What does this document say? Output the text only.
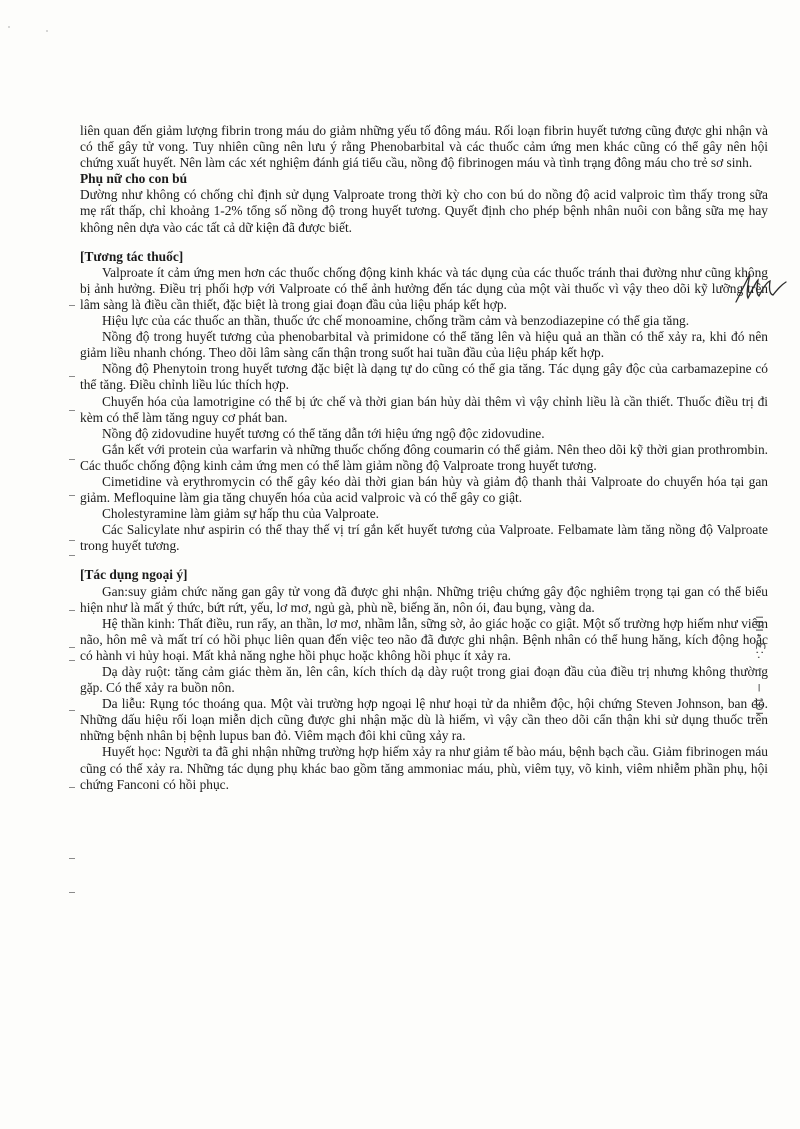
liên quan đến giảm lượng fibrin trong máu do giảm những yếu tố đông máu. Rối loạn fibrin huyết tương cũng được ghi nhận và có thể gây tử vong. Tuy nhiên cũng nên lưu ý rằng Phenobarbital và các thuốc cảm ứng men khác cũng có thể gây nên hội chứng xuất huyết. Nên làm các xét nghiệm đánh giá tiểu cầu, nồng độ fibrinogen máu và tình trạng đông máu cho trẻ sơ sinh.

Phụ nữ cho con bú

Dường như không có chống chỉ định sử dụng Valproate trong thời kỳ cho con bú do nồng độ acid valproic tìm thấy trong sữa mẹ rất thấp, chỉ khoảng 1-2% tổng số nồng độ trong huyết tương. Quyết định cho phép bệnh nhân nuôi con bằng sữa mẹ hay không nên dựa vào các tất cả dữ kiện đã được biết.

[Tương tác thuốc]

Valproate ít cảm ứng men hơn các thuốc chống động kinh khác và tác dụng của các thuốc tránh thai đường như cũng không bị ảnh hưởng. Điều trị phối hợp với Valproate có thể ảnh hưởng đến tác dụng của một vài thuốc vì vậy theo dõi kỹ lưỡng trên lâm sàng là điều cần thiết, đặc biệt là trong giai đoạn đầu của liệu pháp kết hợp.

Hiệu lực của các thuốc an thần, thuốc ức chế monoamine, chống trầm cảm và benzodiazepine có thể gia tăng.

Nồng độ trong huyết tương của phenobarbital và primidone có thể tăng lên và hiệu quả an thần có thể xảy ra, khi đó nên giảm liều nhanh chóng. Theo dõi lâm sàng cẩn thận trong suốt hai tuần đầu của liệu pháp kết hợp.

Nồng độ Phenytoin trong huyết tương đặc biệt là dạng tự do cũng có thể gia tăng. Tác dụng gây độc của carbamazepine có thể tăng. Điều chỉnh liều lúc thích hợp.

Chuyển hóa của lamotrigine có thể bị ức chế và thời gian bán hủy dài thêm vì vậy chỉnh liều là cần thiết. Thuốc điều trị đi kèm có thể làm tăng nguy cơ phát ban.

Nồng độ zidovudine huyết tương có thể tăng dẫn tới hiệu ứng ngộ độc zidovudine.

Gắn kết với protein của warfarin và những thuốc chống đông coumarin có thể giảm. Nên theo dõi kỹ thời gian prothrombin. Các thuốc chống động kinh cảm ứng men có thể làm giảm nồng độ Valproate trong huyết tương.

Cimetidine và erythromycin có thể gây kéo dài thời gian bán hủy và giảm độ thanh thải Valproate do chuyển hóa tại gan giảm. Mefloquine làm gia tăng chuyển hóa của acid valproic và có thể gây co giật.

Cholestyramine làm giảm sự hấp thu của Valproate.

Các Salicylate như aspirin có thể thay thế vị trí gắn kết huyết tương của Valproate. Felbamate làm tăng nồng độ Valproate trong huyết tương.

[Tác dụng ngoại ý]

Gan:suy giảm chức năng gan gây tử vong đã được ghi nhận. Những triệu chứng gây độc nghiêm trọng tại gan có thể biểu hiện như là mất ý thức, bứt rứt, yếu, lơ mơ, ngủ gà, phù nề, biếng ăn, nôn ói, đau bụng, vàng da.

Hệ thần kinh: Thất điều, run rẩy, an thần, lơ mơ, nhầm lẫn, sững sờ, ảo giác hoặc co giật. Một số trường hợp hiếm như viêm não, hôn mê và mất trí có hồi phục liên quan đến việc teo não đã được ghi nhận. Bệnh nhân có thể hung hăng, kích động hoặc có hành vi hủy hoại. Mất khả năng nghe hồi phục hoặc không hồi phục ít xảy ra.

Dạ dày ruột: tăng cảm giác thèm ăn, lên cân, kích thích dạ dày ruột trong giai đoạn đầu của điều trị nhưng không thường gặp. Có thể xảy ra buồn nôn.

Da liễu: Rụng tóc thoáng qua. Một vài trường hợp ngoại lệ như hoại tử da nhiễm độc, hội chứng Steven Johnson, ban đỏ. Những dấu hiệu rối loạn miễn dịch cũng được ghi nhận mặc dù là hiếm, vì vậy cần theo dõi cẩn thận khi sử dụng thuốc trên những bệnh nhân bị bệnh lupus ban đỏ. Viêm mạch đôi khi cũng xảy ra.

Huyết học: Người ta đã ghi nhận những trường hợp hiếm xảy ra như giảm tế bào máu, bệnh bạch cầu. Giảm fibrinogen máu cũng có thể xảy ra. Những tác dụng phụ khác bao gồm tăng ammoniac máu, phù, viêm tụy, võ kinh, viêm nhiễm phần phụ, hội chứng Fanconi có hồi phục.

ıdı − 𝅗 ·:ʒ ·ıdı
